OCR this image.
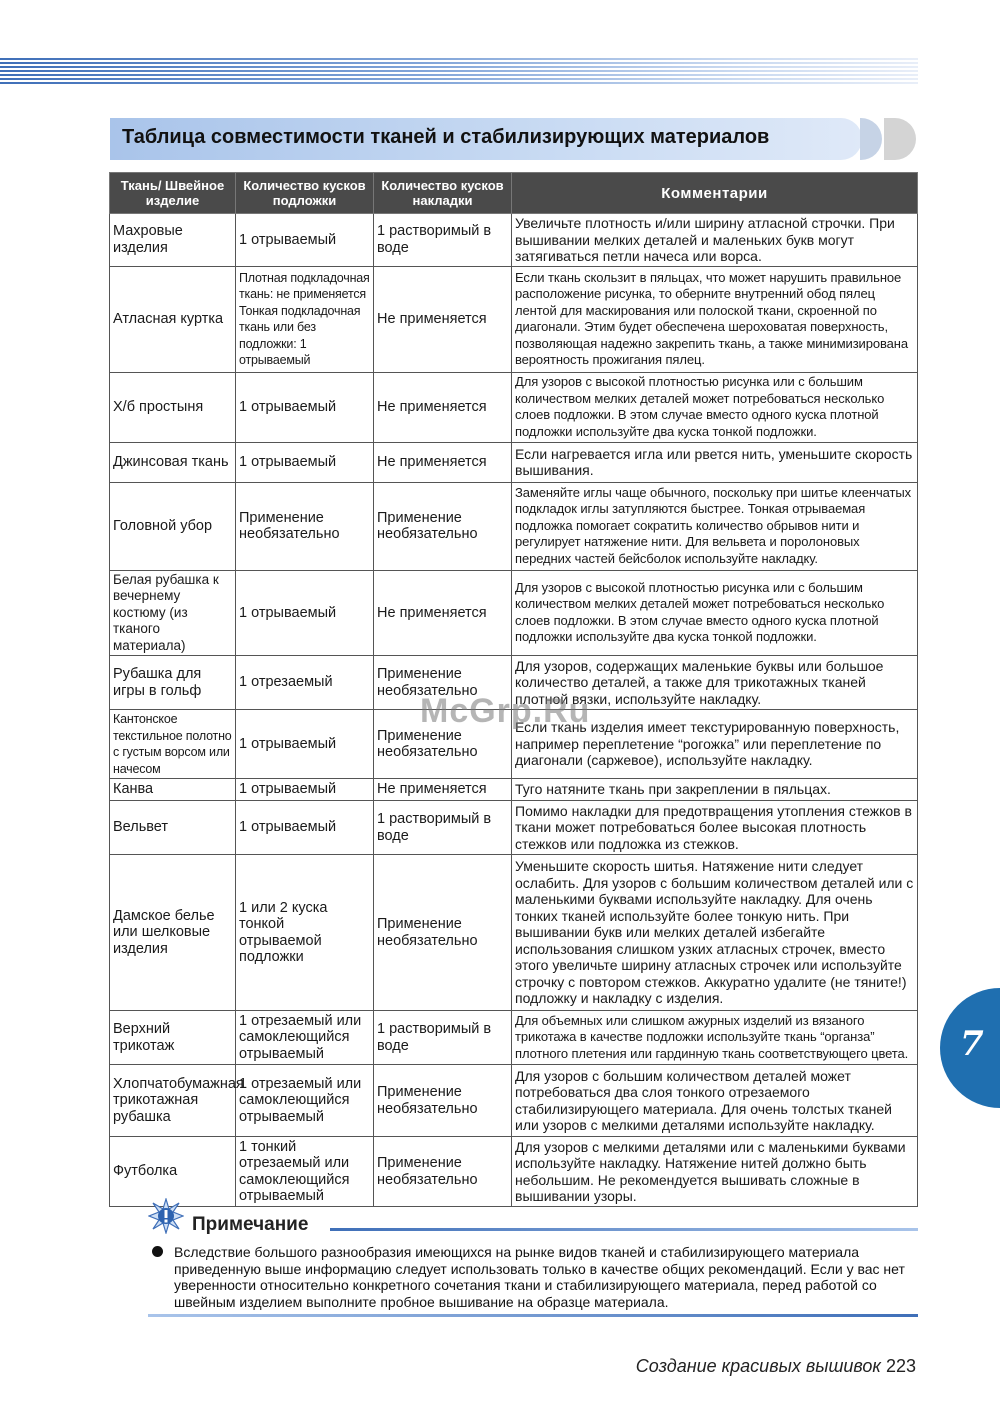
Таблица совместимости тканей и стабилизирующих материалов
Ткань/ Швейное изделие	Количество кусков подложки	Количество кусков накладки	Комментарии
Махровые изделия	1 отрываемый	1 растворимый в воде	Увеличьте плотность и/или ширину атласной строчки. При вышивании мелких деталей и маленьких букв могут затягиваться петли начеса или ворса.
Атласная куртка	Плотная подкладочная ткань: не применяется Тонкая подкладочная ткань или без подложки: 1 отрываемый	Не применяется	Если ткань скользит в пяльцах, что может нарушить правильное расположение рисунка, то оберните внутренний обод пялец лентой для маскирования или полоской ткани, скроенной по диагонали. Этим будет обеспечена шероховатая поверхность, позволяющая надежно закрепить ткань, а также минимизирована вероятность прожигания пялец.
Х/б простыня	1 отрываемый	Не применяется	Для узоров с высокой плотностью рисунка или с большим количеством мелких деталей может потребоваться несколько слоев подложки. В этом случае вместо одного куска плотной подложки используйте два куска тонкой подложки.
Джинсовая ткань	1 отрываемый	Не применяется	Если нагревается игла или рвется нить, уменьшите скорость вышивания.
Головной убор	Применение необязательно	Применение необязательно	Заменяйте иглы чаще обычного, поскольку при шитье клеенчатых подкладок иглы затупляются быстрее. Тонкая отрываемая подложка помогает сократить количество обрывов нити и регулирует натяжение нити. Для вельвета и поролоновых передних частей бейсболок используйте накладку.
Белая рубашка к вечернему костюму (из тканого материала)	1 отрываемый	Не применяется	Для узоров с высокой плотностью рисунка или с большим количеством мелких деталей может потребоваться несколько слоев подложки. В этом случае вместо одного куска плотной подложки используйте два куска тонкой подложки.
Рубашка для игры в гольф	1 отрезаемый	Применение необязательно	Для узоров, содержащих маленькие буквы или большое количество деталей, а также для трикотажных тканей плотной вязки, используйте накладку.
Кантонское текстильное полотно с густым ворсом или начесом	1 отрываемый	Применение необязательно	Если ткань изделия имеет текстурированную поверхность, например переплетение “рогожка” или переплетение по диагонали (саржевое), используйте накладку.
Канва	1 отрываемый	Не применяется	Туго натяните ткань при закреплении в пяльцах.
Вельвет	1 отрываемый	1 растворимый в воде	Помимо накладки для предотвращения утопления стежков в ткани может потребоваться более высокая плотность стежков или подложка из стежков.
Дамское белье или шелковые изделия	1 или 2 куска тонкой отрываемой подложки	Применение необязательно	Уменьшите скорость шитья. Натяжение нити следует ослабить. Для узоров с большим количеством деталей или с маленькими буквами используйте накладку. Для очень тонких тканей используйте более тонкую нить. При вышивании букв или мелких деталей избегайте использования слишком узких атласных строчек, вместо этого увеличьте ширину атласных строчек или используйте строчку с повтором стежков. Аккуратно удалите (не тяните!) подложку и накладку с изделия.
Верхний трикотаж	1 отрезаемый или самоклеющийся отрываемый	1 растворимый в воде	Для объемных или слишком ажурных изделий из вязаного трикотажа в качестве подложки используйте ткань “органза” плотного плетения или гардинную ткань соответствующего цвета.
Хлопчатобумажная трикотажная рубашка	1 отрезаемый или самоклеющийся отрываемый	Применение необязательно	Для узоров с большим количеством деталей может потребоваться два слоя тонкого отрезаемого стабилизирующего материала. Для очень толстых тканей или узоров с мелкими деталями используйте накладку.
Футболка	1 тонкий отрезаемый или самоклеющийся отрываемый	Применение необязательно	Для узоров с мелкими деталями или с маленькими буквами используйте накладку. Натяжение нитей должно быть небольшим. Не рекомендуется вышивать сложные в вышивании узоры.
McGrp.Ru
Примечание
Вследствие большого разнообразия имеющихся на рынке видов тканей и стабилизирующего материала приведенную выше информацию следует использовать только в качестве общих рекомендаций. Если у вас нет уверенности относительно конкретного сочетания ткани и стабилизирующего материала, перед работой со швейным изделием выполните пробное вышивание на образце материала.
7
Создание красивых вышивок 223
